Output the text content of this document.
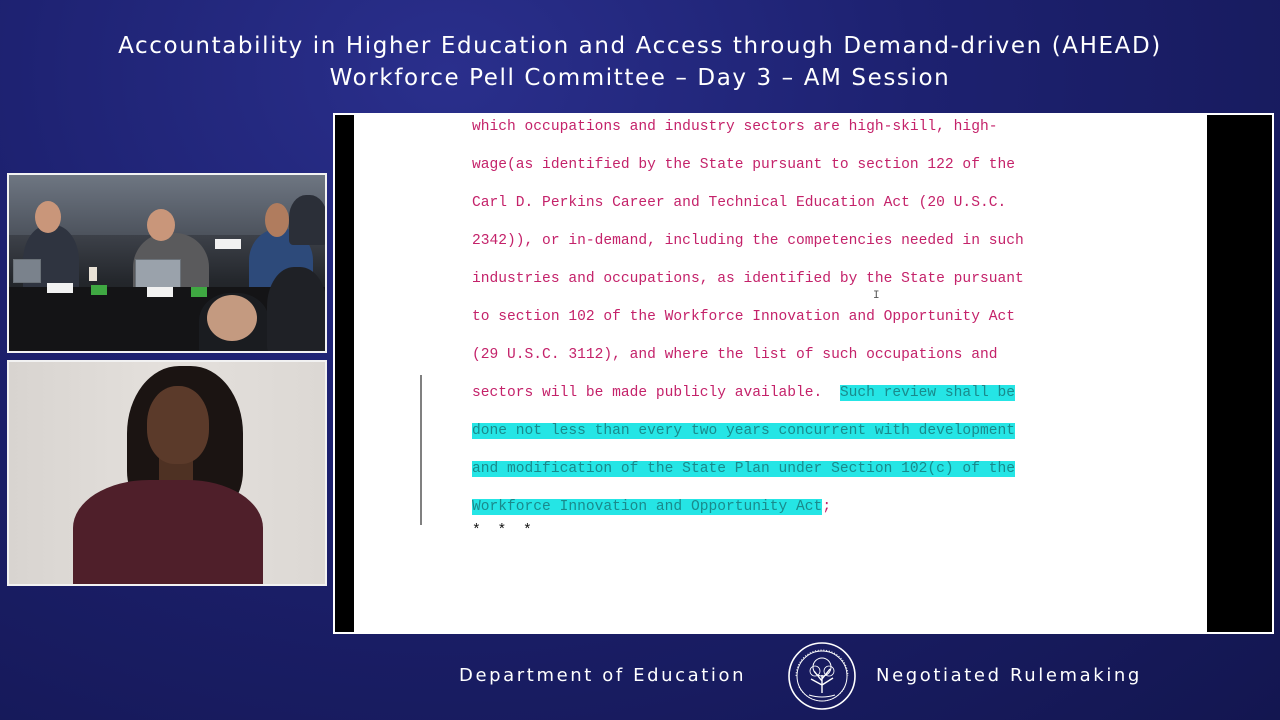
Accountability in Higher Education and Access through Demand-driven (AHEAD)
Workforce Pell Committee – Day 3 – AM Session
which occupations and industry sectors are high-skill, high-
wage(as identified by the State pursuant to section 122 of the
Carl D. Perkins Career and Technical Education Act (20 U.S.C.
2342)), or in-demand, including the competencies needed in such
industries and occupations, as identified by the State pursuant
to section 102 of the Workforce Innovation and Opportunity Act
(29 U.S.C. 3112), and where the list of such occupations and
sectors will be made publicly available.  Such review shall be
done not less than every two years concurrent with development
and modification of the State Plan under Section 102(c) of the
Workforce Innovation and Opportunity Act;
I
* * *
Department of Education	Negotiated Rulemaking
